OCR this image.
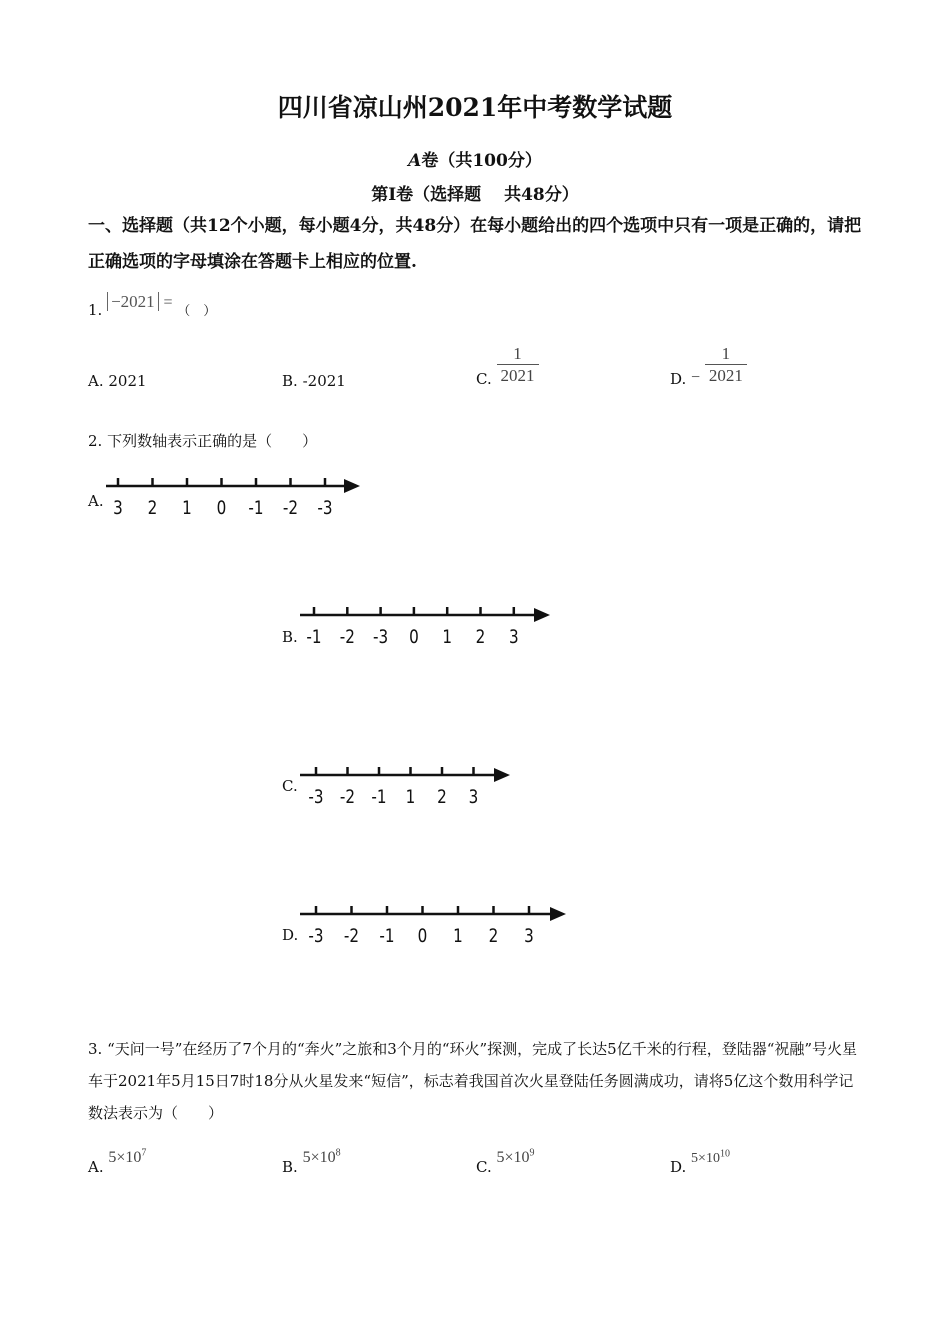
四川省凉山州2021年中考数学试题
A卷（共100分）
第Ⅰ卷（选择题　 共48分）
一、选择题（共12个小题，每小题4分，共48分）在每小题给出的四个选项中只有一项是正确的，请把正确选项的字母填涂在答题卡上相应的位置.
1. −2021 = （　）
A. 2021	B. -2021	C. $\frac{1}{2021}$	D. − $\frac{1}{2021}$
2. 下列数轴表示正确的是（　　）
A. 3 2 1 0 -1 -2 -3
B. -1 -2 -3 0 1 2 3
C.
-3 -2 -1 1 2 3
D. -3 -2 -1 0 1 2 3
3. “天问一号”在经历了7个月的“奔火”之旅和3个月的“环火”探测，完成了长达5亿千米的行程，登陆器“祝融”号火星车于2021年5月15日7时18分从火星发来“短信”，标志着我国首次火星登陆任务圆满成功，请将5亿这个数用科学记数法表示为（　　）
A. $5\times 10^7$
B. $5\times 10^8$
C. $5\times 10^9$
D. $5\times 10^{10}$
